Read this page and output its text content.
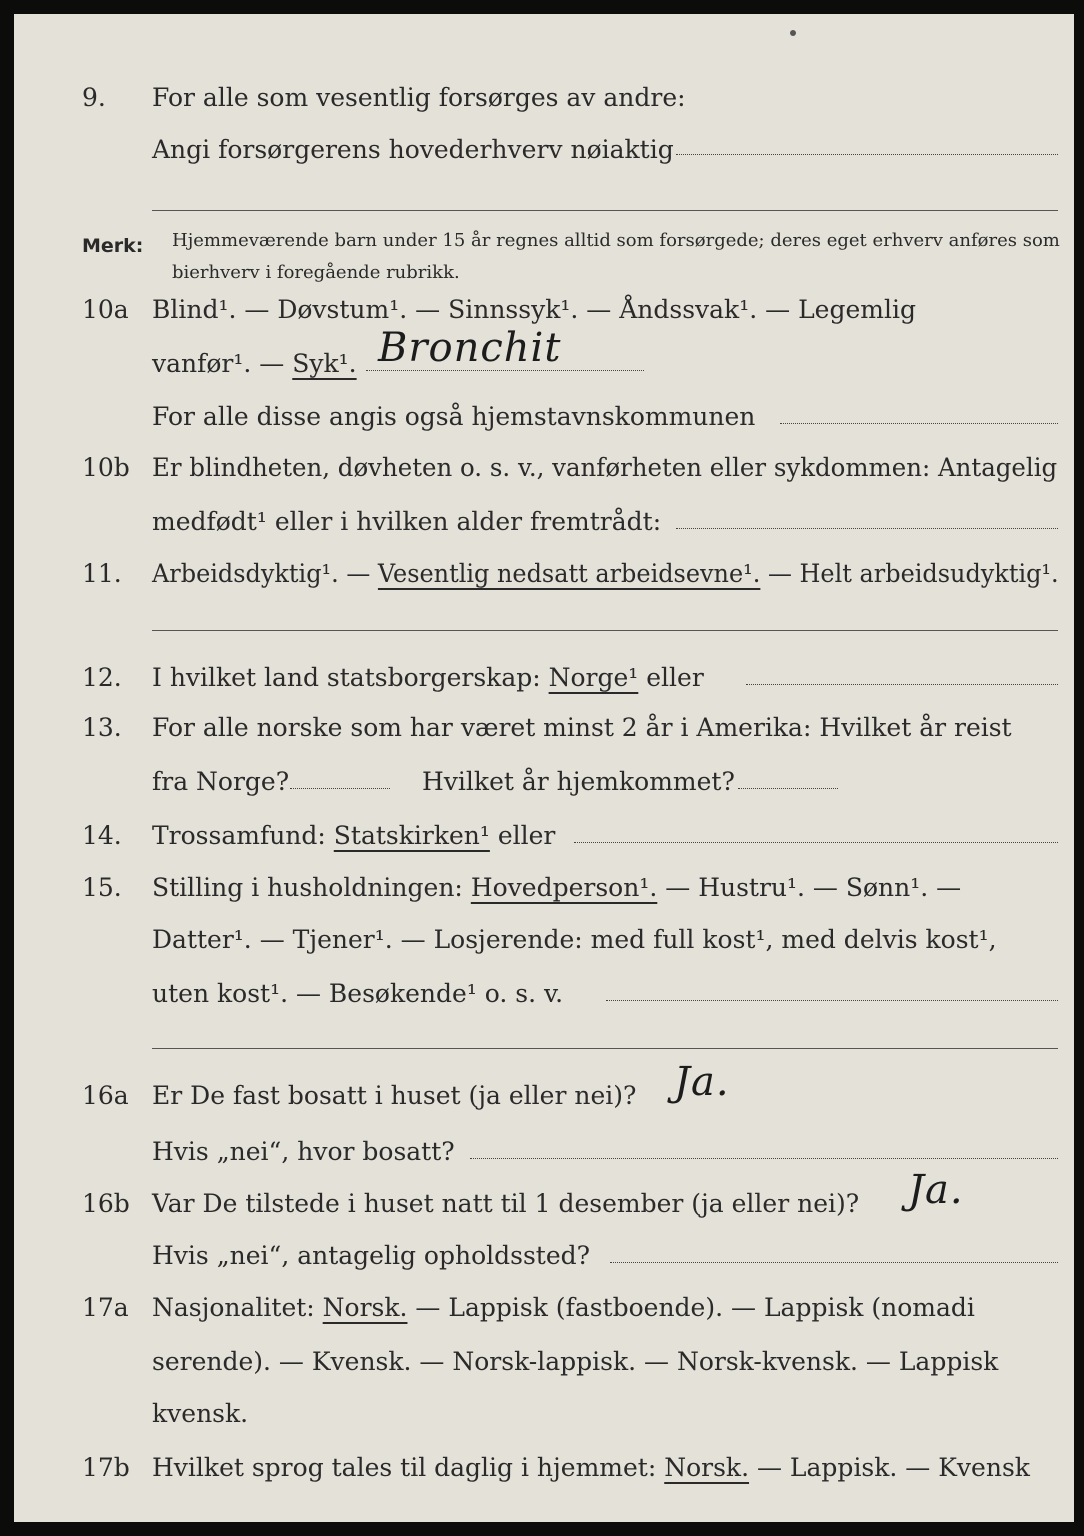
9. For alle som vesentlig forsørges av andre:
Angi forsørgerens hovederhverv nøiaktig
Merk: Hjemmeværende barn under 15 år regnes alltid som forsørgede; deres eget erhverv anføres som bierhverv i foregående rubrikk.
10a Blind¹. — Døvstum¹. — Sinnssyk¹. — Åndssvak¹. — Legemlig
vanfør¹. — Syk¹. Bronchit
For alle disse angis også hjemstavnskommunen
10b Er blindheten, døvheten o. s. v., vanførheten eller sykdommen: Antagelig
medfødt¹ eller i hvilken alder fremtrådt:
11. Arbeidsdyktig¹. — Vesentlig nedsatt arbeidsevne¹. — Helt arbeidsudyktig¹.
12. I hvilket land statsborgerskap: Norge¹ eller
13. For alle norske som har været minst 2 år i Amerika: Hvilket år reist
fra Norge?	Hvilket år hjemkommet?
14. Trossamfund: Statskirken¹ eller
15. Stilling i husholdningen: Hovedperson¹. — Hustru¹. — Sønn¹. —
Datter¹. — Tjener¹. — Losjerende: med full kost¹, med delvis kost¹,
uten kost¹. — Besøkende¹ o. s. v.
16a Er De fast bosatt i huset (ja eller nei)? Ja.
Hvis „nei“, hvor bosatt?
16b Var De tilstede i huset natt til 1 desember (ja eller nei)? Ja.
Hvis „nei“, antagelig opholdssted?
17a Nasjonalitet: Norsk. — Lappisk (fastboende). — Lappisk (nomadi
serende). — Kvensk. — Norsk-lappisk. — Norsk-kvensk. — Lappisk
kvensk.
17b Hvilket sprog tales til daglig i hjemmet: Norsk. — Lappisk. — Kvensk
